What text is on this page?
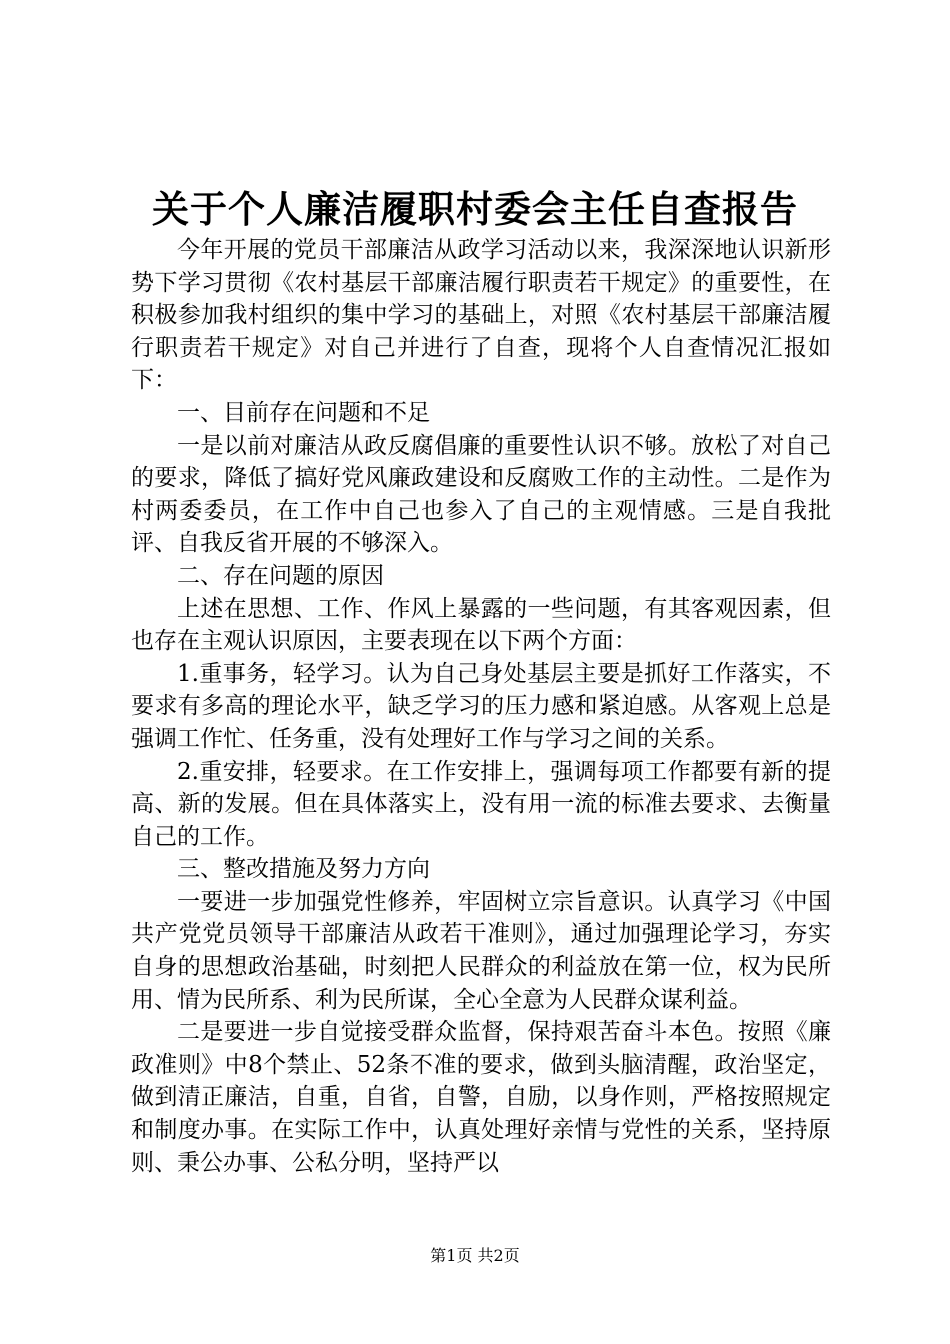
关于个人廉洁履职村委会主任自查报告

今年开展的党员干部廉洁从政学习活动以来，我深深地认识新形势下学习贯彻《农村基层干部廉洁履行职责若干规定》的重要性，在积极参加我村组织的集中学习的基础上，对照《农村基层干部廉洁履行职责若干规定》对自己并进行了自查，现将个人自查情况汇报如下：

一、目前存在问题和不足

一是以前对廉洁从政反腐倡廉的重要性认识不够。放松了对自己的要求，降低了搞好党风廉政建设和反腐败工作的主动性。二是作为村两委委员，在工作中自己也参入了自己的主观情感。三是自我批评、自我反省开展的不够深入。

二、存在问题的原因

上述在思想、工作、作风上暴露的一些问题，有其客观因素，但也存在主观认识原因，主要表现在以下两个方面：

1.重事务，轻学习。认为自己身处基层主要是抓好工作落实，不要求有多高的理论水平，缺乏学习的压力感和紧迫感。从客观上总是强调工作忙、任务重，没有处理好工作与学习之间的关系。

2.重安排，轻要求。在工作安排上，强调每项工作都要有新的提高、新的发展。但在具体落实上，没有用一流的标准去要求、去衡量自己的工作。

三、整改措施及努力方向

一要进一步加强党性修养，牢固树立宗旨意识。认真学习《中国共产党党员领导干部廉洁从政若干准则》，通过加强理论学习，夯实自身的思想政治基础，时刻把人民群众的利益放在第一位，权为民所用、情为民所系、利为民所谋，全心全意为人民群众谋利益。

二是要进一步自觉接受群众监督，保持艰苦奋斗本色。按照《廉政准则》中8个禁止、52条不准的要求，做到头脑清醒，政治坚定，做到清正廉洁，自重，自省，自警，自励，以身作则，严格按照规定和制度办事。在实际工作中，认真处理好亲情与党性的关系，坚持原则、秉公办事、公私分明，坚持严以

第1页 共2页
